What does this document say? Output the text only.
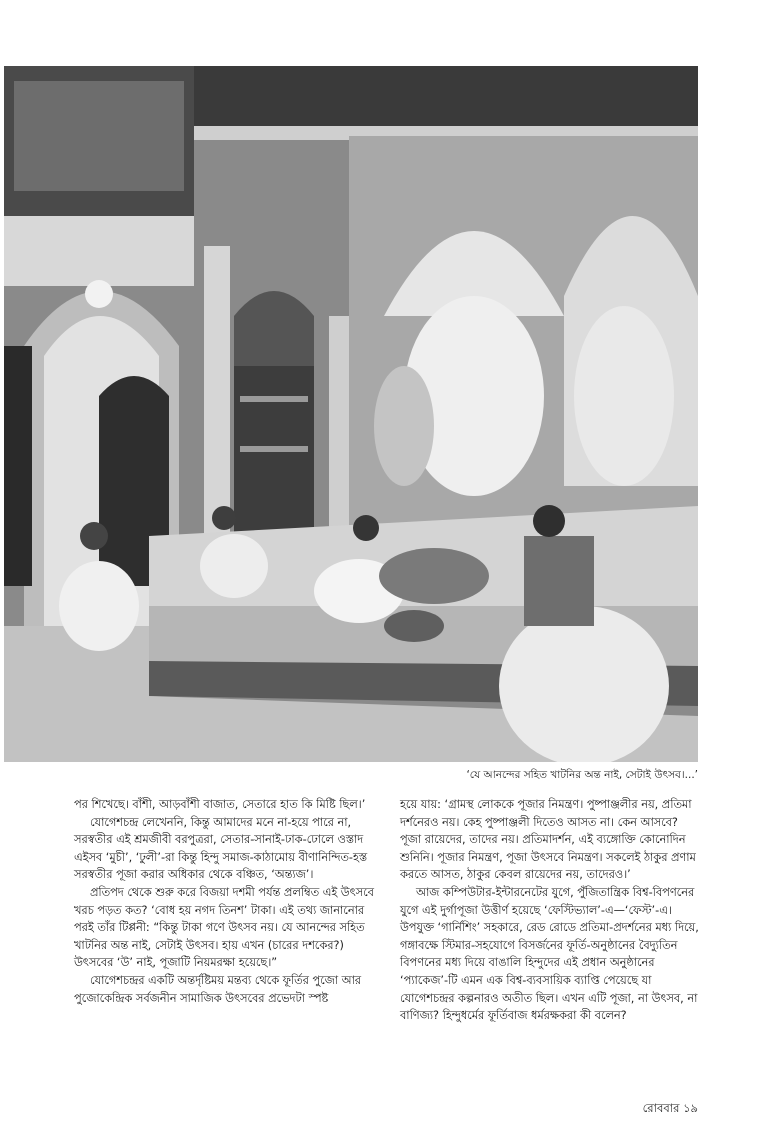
‘যে আনন্দের সহিত খাটনির অন্ত নাই, সেটাই উৎসব।...’

পর শিখেছে। বাঁশী, আড়বাঁশী বাজাত, সেতারে হাত কি মিষ্টি ছিল।’

যোগেশচন্দ্র লেখেননি, কিন্তু আমাদের মনে না-হয়ে পারে না, সরস্বতীর এই শ্রমজীবী বরপুত্ররা, সেতার-সানাই-ঢাক-ঢোলে ওস্তাদ এইসব ‘মুচী’, ‘ঢুলী’-রা কিন্তু হিন্দু সমাজ-কাঠামোয় বীণানিন্দিত-হস্ত সরস্বতীর পূজা করার অধিকার থেকে বঞ্চিত, ‘অন্ত্যজ’।

প্রতিপদ থেকে শুরু করে বিজয়া দশমী পর্যন্ত প্রলম্বিত এই উৎসবে খরচ পড়ত কত? ‘বোধ হয় নগদ তিনশ’ টাকা। এই তথ্য জানানোর পরই তাঁর টিপ্পনী: “কিন্তু টাকা গণে উৎসব নয়। যে আনন্দের সহিত খাটনির অন্ত নাই, সেটাই উৎসব। হায় এখন (চারের দশকের?) উৎসবের ‘উ’ নাই, পূজাটি নিয়মরক্ষা হয়েছে।”

যোগেশচন্দ্রর একটি অন্তর্দৃষ্টিময় মন্তব্য থেকে ফূর্তির পুজো আর পুজোকেন্দ্রিক সর্বজনীন সামাজিক উৎসবের প্রভেদটা স্পষ্ট

হয়ে যায়: ‘গ্রামস্থ লোককে পূজার নিমন্ত্রণ। পুষ্পাঞ্জলীর নয়, প্রতিমা দর্শনেরও নয়। কেহ পুষ্পাঞ্জলী দিতেও আসত না। কেন আসবে? পূজা রায়েদের, তাদের নয়। প্রতিমাদর্শন, এই ব্যঙ্গোক্তি কোনোদিন শুনিনি। পূজার নিমন্ত্রণ, পূজা উৎসবে নিমন্ত্রণ। সকলেই ঠাকুর প্রণাম করতে আসত, ঠাকুর কেবল রায়েদের নয়, তাদেরও।’

আজ কম্পিউটার-ইন্টারনেটের যুগে, পুঁজিতান্ত্রিক বিশ্ব-বিপণনের যুগে এই দুর্গাপূজা উত্তীর্ণ হয়েছে ‘ফেস্টিভ্যাল’-এ—‘ফেস্ট’-এ। উপযুক্ত ‘গার্নিশিং’ সহকারে, রেড রোডে প্রতিমা-প্রদর্শনের মধ্য দিয়ে, গঙ্গাবক্ষে স্টিমার-সহযোগে বিসর্জনের ফূর্তি-অনুষ্ঠানের বৈদ্যুতিন বিপণনের মধ্য দিয়ে বাঙালি হিন্দুদের এই প্রধান অনুষ্ঠানের ‘প্যাকেজ’-টি এমন এক বিশ্ব-ব্যবসায়িক ব্যাপ্তি পেয়েছে যা যোগেশচন্দ্রর কল্পনারও অতীত ছিল। এখন এটি পূজা, না উৎসব, না বাণিজ্য? হিন্দুধর্মের ফূর্তিবাজ ধর্মরক্ষকরা কী বলেন?

রোববার ১৯
